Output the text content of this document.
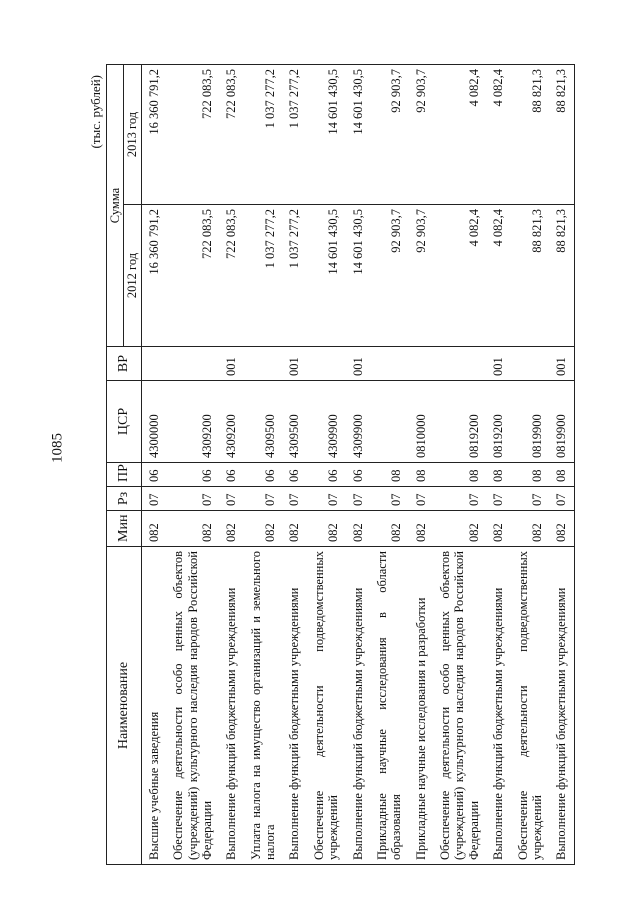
1085
(тыс. рублей)
Наименование	Мин	Рз	ПР	ЦСР	ВР	Сумма	
						2012 год	2013 год
Высшие учебные заведения	082	07	06	4300000		16 360 791,2	16 360 791,2
Обеспечение деятельности особо ценных объектов (учреждений) культурного наследия народов Российской Федерации	082	07	06	4309200		722 083,5	722 083,5
Выполнение функций бюджетными учреждениями	082	07	06	4309200	001	722 083,5	722 083,5
Уплата налога на имущество организаций и земельного налога	082	07	06	4309500		1 037 277,2	1 037 277,2
Выполнение функций бюджетными учреждениями	082	07	06	4309500	001	1 037 277,2	1 037 277,2
Обеспечение деятельности подведомственных учреждений	082	07	06	4309900		14 601 430,5	14 601 430,5
Выполнение функций бюджетными учреждениями	082	07	06	4309900	001	14 601 430,5	14 601 430,5
Прикладные научные исследования в области образования	082	07	08			92 903,7	92 903,7
Прикладные научные исследования и разработки	082	07	08	0810000		92 903,7	92 903,7
Обеспечение деятельности особо ценных объектов (учреждений) культурного наследия народов Российской Федерации	082	07	08	0819200		4 082,4	4 082,4
Выполнение функций бюджетными учреждениями	082	07	08	0819200	001	4 082,4	4 082,4
Обеспечение деятельности подведомственных учреждений	082	07	08	0819900		88 821,3	88 821,3
Выполнение функций бюджетными учреждениями	082	07	08	0819900	001	88 821,3	88 821,3
